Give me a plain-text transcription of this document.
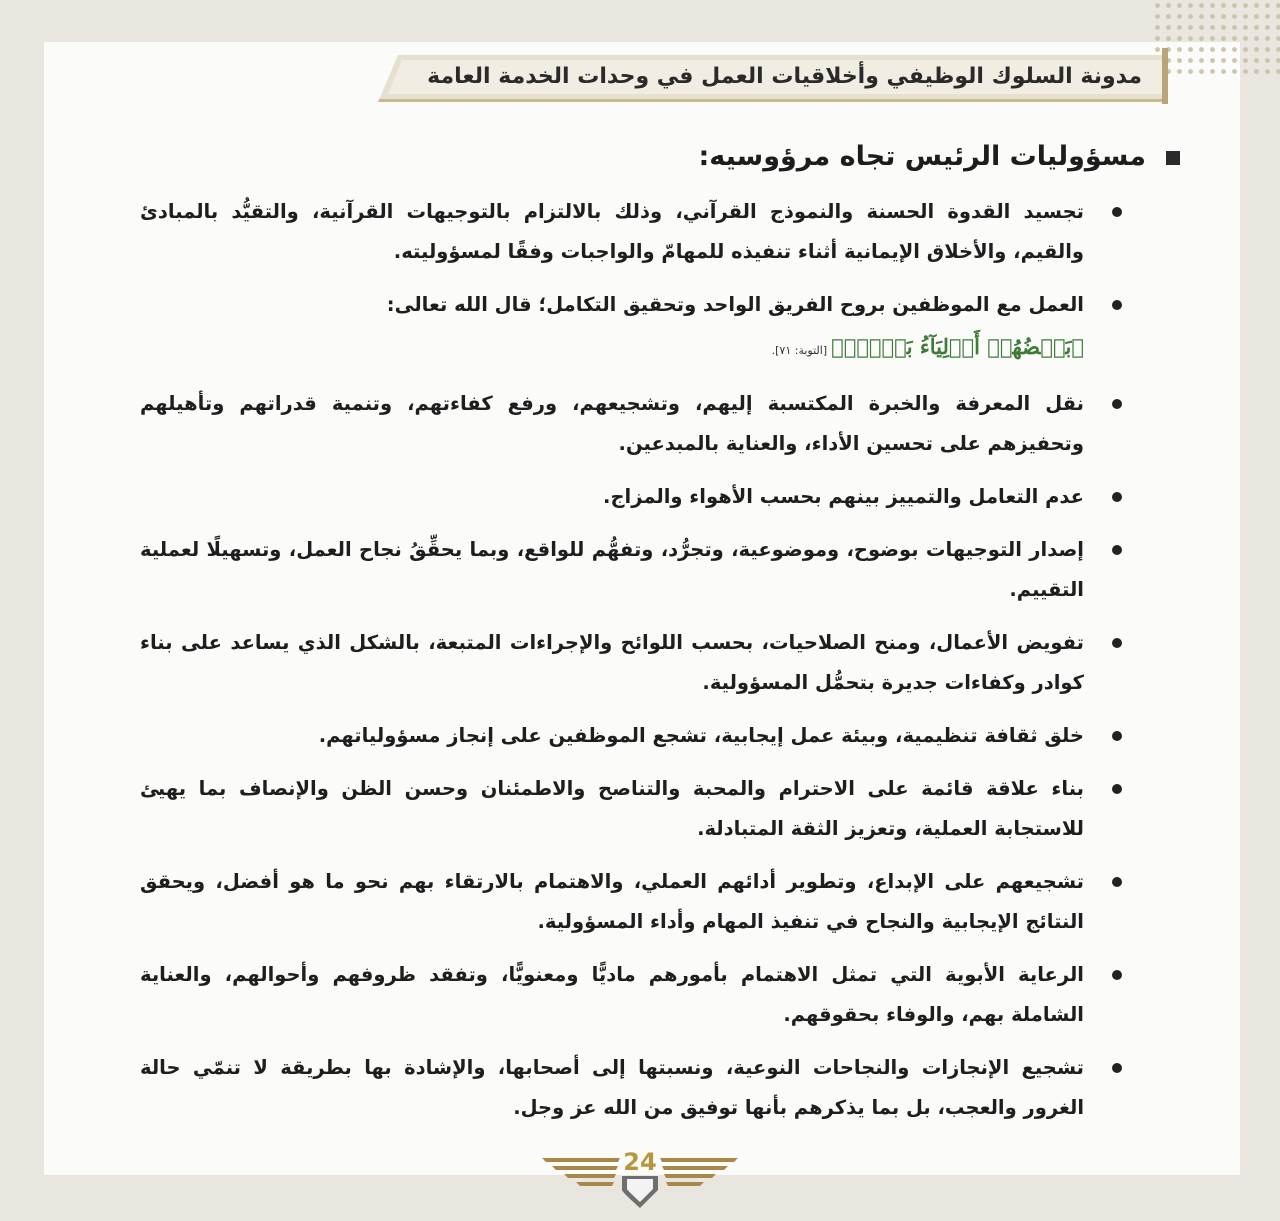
مدونة السلوك الوظيفي وأخلاقيات العمل في وحدات الخدمة العامة
مسؤوليات الرئيس تجاه مرؤوسيه:
تجسيد القدوة الحسنة والنموذج القرآني، وذلك بالالتزام بالتوجيهات القرآنية، والتقيُّد بالمبادئ والقيم، والأخلاق الإيمانية أثناء تنفيذه للمهامّ والواجبات وفقًا لمسؤوليته.
العمل مع الموظفين بروح الفريق الواحد وتحقيق التكامل؛ قال الله تعالى:
﴿بَعۡضُهُمۡ أَوۡلِيَآءُ بَعۡضٖۚ﴾[التوبة: ٧١].
نقل المعرفة والخبرة المكتسبة إليهم، وتشجيعهم، ورفع كفاءتهم، وتنمية قدراتهم وتأهيلهم وتحفيزهم على تحسين الأداء، والعناية بالمبدعين.
عدم التعامل والتمييز بينهم بحسب الأهواء والمزاج.
إصدار التوجيهات بوضوح، وموضوعية، وتجرُّد، وتفهُّم للواقع، وبما يحقِّقُ نجاح العمل، وتسهيلًا لعملية التقييم.
تفويض الأعمال، ومنح الصلاحيات، بحسب اللوائح والإجراءات المتبعة، بالشكل الذي يساعد على بناء كوادر وكفاءات جديرة بتحمُّل المسؤولية.
خلق ثقافة تنظيمية، وبيئة عمل إيجابية، تشجع الموظفين على إنجاز مسؤولياتهم.
بناء علاقة قائمة على الاحترام والمحبة والتناصح والاطمئنان وحسن الظن والإنصاف بما يهيئ للاستجابة العملية، وتعزيز الثقة المتبادلة.
تشجيعهم على الإبداع، وتطوير أدائهم العملي، والاهتمام بالارتقاء بهم نحو ما هو أفضل، ويحقق النتائج الإيجابية والنجاح في تنفيذ المهام وأداء المسؤولية.
الرعاية الأبوية التي تمثل الاهتمام بأمورهم ماديًّا ومعنويًّا، وتفقد ظروفهم وأحوالهم، والعناية الشاملة بهم، والوفاء بحقوقهم.
تشجيع الإنجازات والنجاحات النوعية، ونسبتها إلى أصحابها، والإشادة بها بطريقة لا تنمّي حالة الغرور والعجب، بل بما يذكرهم بأنها توفيق من الله عز وجل.
24
